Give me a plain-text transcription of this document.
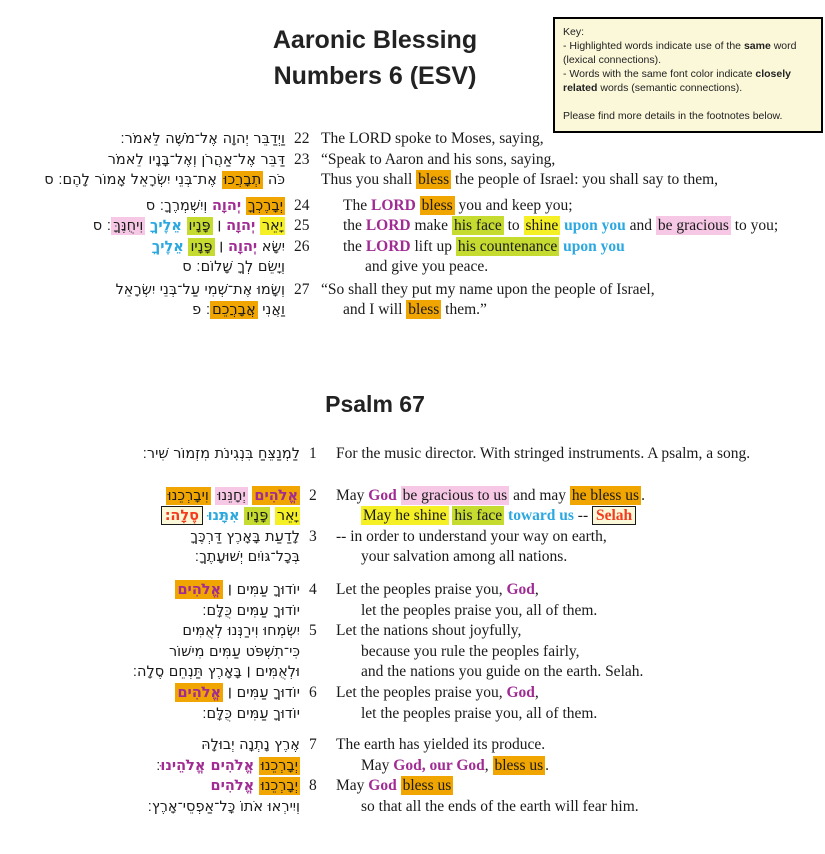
Aaronic Blessing
Numbers 6 (ESV)
Key:
- Highlighted words indicate use of the same word (lexical connections).
- Words with the same font color indicate closely related words (semantic connections).
Please find more details in the footnotes below.
וַיְדַבֵּר יְהוָה אֶל־מֹשֶׁה לֵּאמֹר׃ 22 The LORD spoke to Moses, saying,
דַּבֵּר אֶל־אַהֲרֹן וְאֶל־בָּנָיו לֵאמֹר 23 “Speak to Aaron and his sons, saying,
כֹּה תְבָרֲכוּ אֶת־בְּנֵי יִשְׂרָאֵל אָמוֹר לָהֶם׃ ס	Thus you shall bless the people of Israel: you shall say to them,
יְבָרֶכְךָ יְהוָה וְיִשְׁמְרֶךָ׃ ס	24	The LORD bless you and keep you;
יָאֵר יְהוָה ׀ פָּנָיו אֵלֶיךָ וִיחֻנֶּךָּ׃ ס	25	the LORD make his face to shine upon you and be gracious to you;
יִשָּׂא יְהוָה ׀ פָּנָיו אֵלֶיךָ	26	the LORD lift up his countenance upon you
וְיָשֵׂם לְךָ שָׁלוֹם׃ ס	and give you peace.
וְשָׂמוּ אֶת־שְׁמִי עַל־בְּנֵי יִשְׂרָאֵל 27 “So shall they put my name upon the people of Israel,
וַאֲנִי אֲבָרֲכֵם׃ פ	and I will bless them.”
Psalm 67
לַמְנַצֵּחַ בִּנְגִינֹת מִזְמוֹר שִׁיר׃ 1	For the music director. With stringed instruments. A psalm, a song.
אֱלֹהִים יְחָנֵּנוּ וִיבָרְכֵנוּ	2	May God be gracious to us and may he bless us .
יָאֵר פָּנָיו אִתָּנוּ סֶלָה׃	May he shine his face toward us -- Selah
לָדַעַת בָּאָרֶץ דַּרְכֶּךָ 3	-- in order to understand your way on earth,
בְּכָל־גּוֹיִם יְשׁוּעָתֶךָ׃	your salvation among all nations.
יוֹדוּךָ עַמִּים ׀ אֱלֹהִים	4	Let the peoples praise you, God,
יוֹדוּךָ עַמִּים כֻּלָּם׃	let the peoples praise you, all of them.
יִשְׂמְחוּ וִירַנְּנוּ לְאֻמִּים 5	Let the nations shout joyfully,
כִּי־תִשְׁפֹּט עַמִּים מִישׁוֹר	because you rule the peoples fairly,
וּלְאֻמִּים ׀ בָּאָרֶץ תַּנְחֵם סֶלָה׃	and the nations you guide on the earth. Selah.
יוֹדוּךָ עַמִּים ׀ אֱלֹהִים	6	Let the peoples praise you, God,
יוֹדוּךָ עַמִּים כֻּלָּם׃	let the peoples praise you, all of them.
אֶרֶץ נָתְנָה יְבוּלָהּ 7	The earth has yielded its produce.
יְבָרְכֵנוּ אֱלֹהִים אֱלֹהֵינוּ׃	May God, our God, bless us .
יְבָרְכֵנוּ אֱלֹהִים	8	May God bless us
וְיִירְאוּ אֹתוֹ כָּל־אַפְסֵי־אָרֶץ׃	so that all the ends of the earth will fear him.
